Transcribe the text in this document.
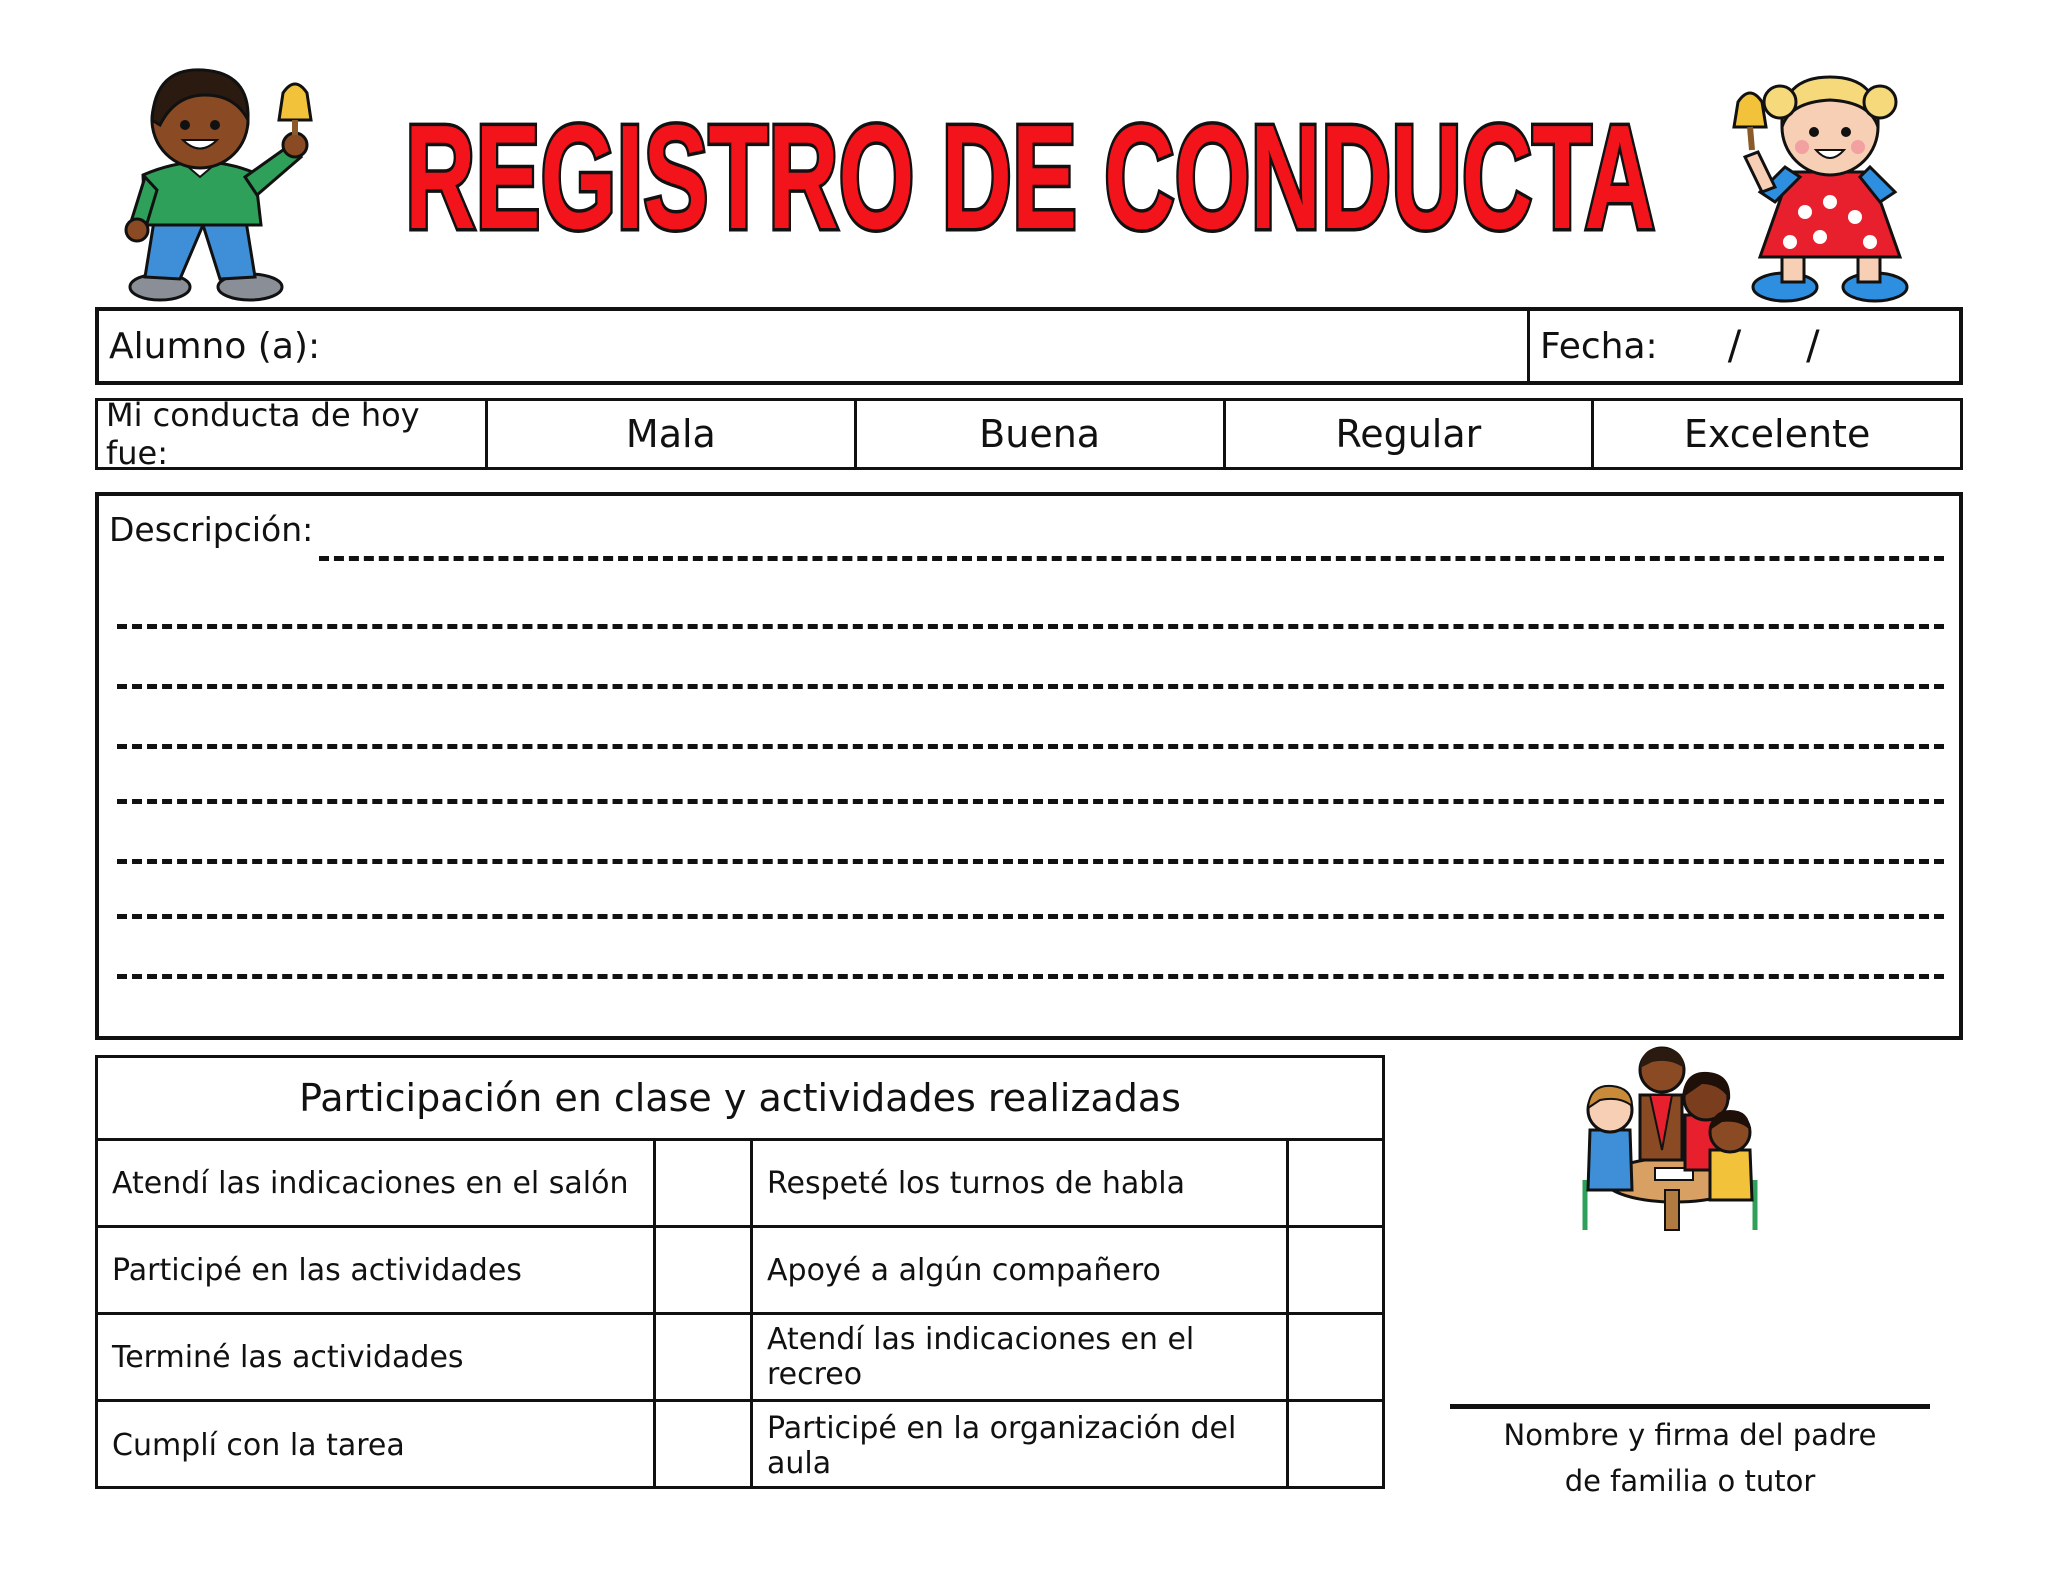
REGISTRO DE CONDUCTA
Alumno (a):	Fecha: / /
Mi conducta de hoy fue:	Mala	Buena	Regular	Excelente
Descripción:
Participación en clase y actividades realizadas
Atendí las indicaciones en el salón	Respeté los turnos de habla
Participé en las actividades	Apoyé a algún compañero
Terminé las actividades	Atendí las indicaciones en el recreo
Cumplí con la tarea	Participé en la organización del aula
Nombre y firma del padre
de familia o tutor
